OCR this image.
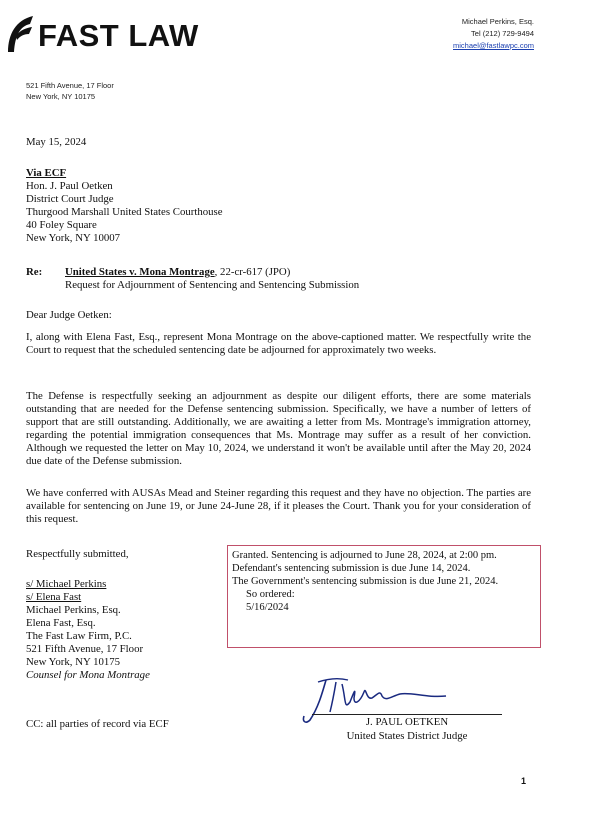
FAST LAW	Michael Perkins, Esq.
Tel (212) 729-9494
michael@fastlawpc.com
521 Fifth Avenue, 17 Floor
New York, NY 10175
May 15, 2024
Via ECF
Hon. J. Paul Oetken
District Court Judge
Thurgood Marshall United States Courthouse
40 Foley Square
New York, NY 10007
Re: United States v. Mona Montrage, 22-cr-617 (JPO)
Request for Adjournment of Sentencing and Sentencing Submission
Dear Judge Oetken:
I, along with Elena Fast, Esq., represent Mona Montrage on the above-captioned matter. We respectfully write the Court to request that the scheduled sentencing date be adjourned for approximately two weeks.
The Defense is respectfully seeking an adjournment as despite our diligent efforts, there are some materials outstanding that are needed for the Defense sentencing submission. Specifically, we have a number of letters of support that are still outstanding. Additionally, we are awaiting a letter from Ms. Montrage's immigration attorney, regarding the potential immigration consequences that Ms. Montrage may suffer as a result of her conviction. Although we requested the letter on May 10, 2024, we understand it won't be available until after the May 20, 2024 due date of the Defense submission.
We have conferred with AUSAs Mead and Steiner regarding this request and they have no objection. The parties are available for sentencing on June 19, or June 24-June 28, if it pleases the Court. Thank you for your consideration of this request.
Respectfully submitted,
s/ Michael Perkins
s/ Elena Fast
Michael Perkins, Esq.
Elena Fast, Esq.
The Fast Law Firm, P.C.
521 Fifth Avenue, 17 Floor
New York, NY 10175
Counsel for Mona Montrage
CC: all parties of record via ECF
Granted. Sentencing is adjourned to June 28, 2024, at 2:00 pm.
Defendant's sentencing submission is due June 14, 2024.
The Government's sentencing submission is due June 21, 2024.
So ordered:
5/16/2024
J. PAUL OETKEN
United States District Judge
1
